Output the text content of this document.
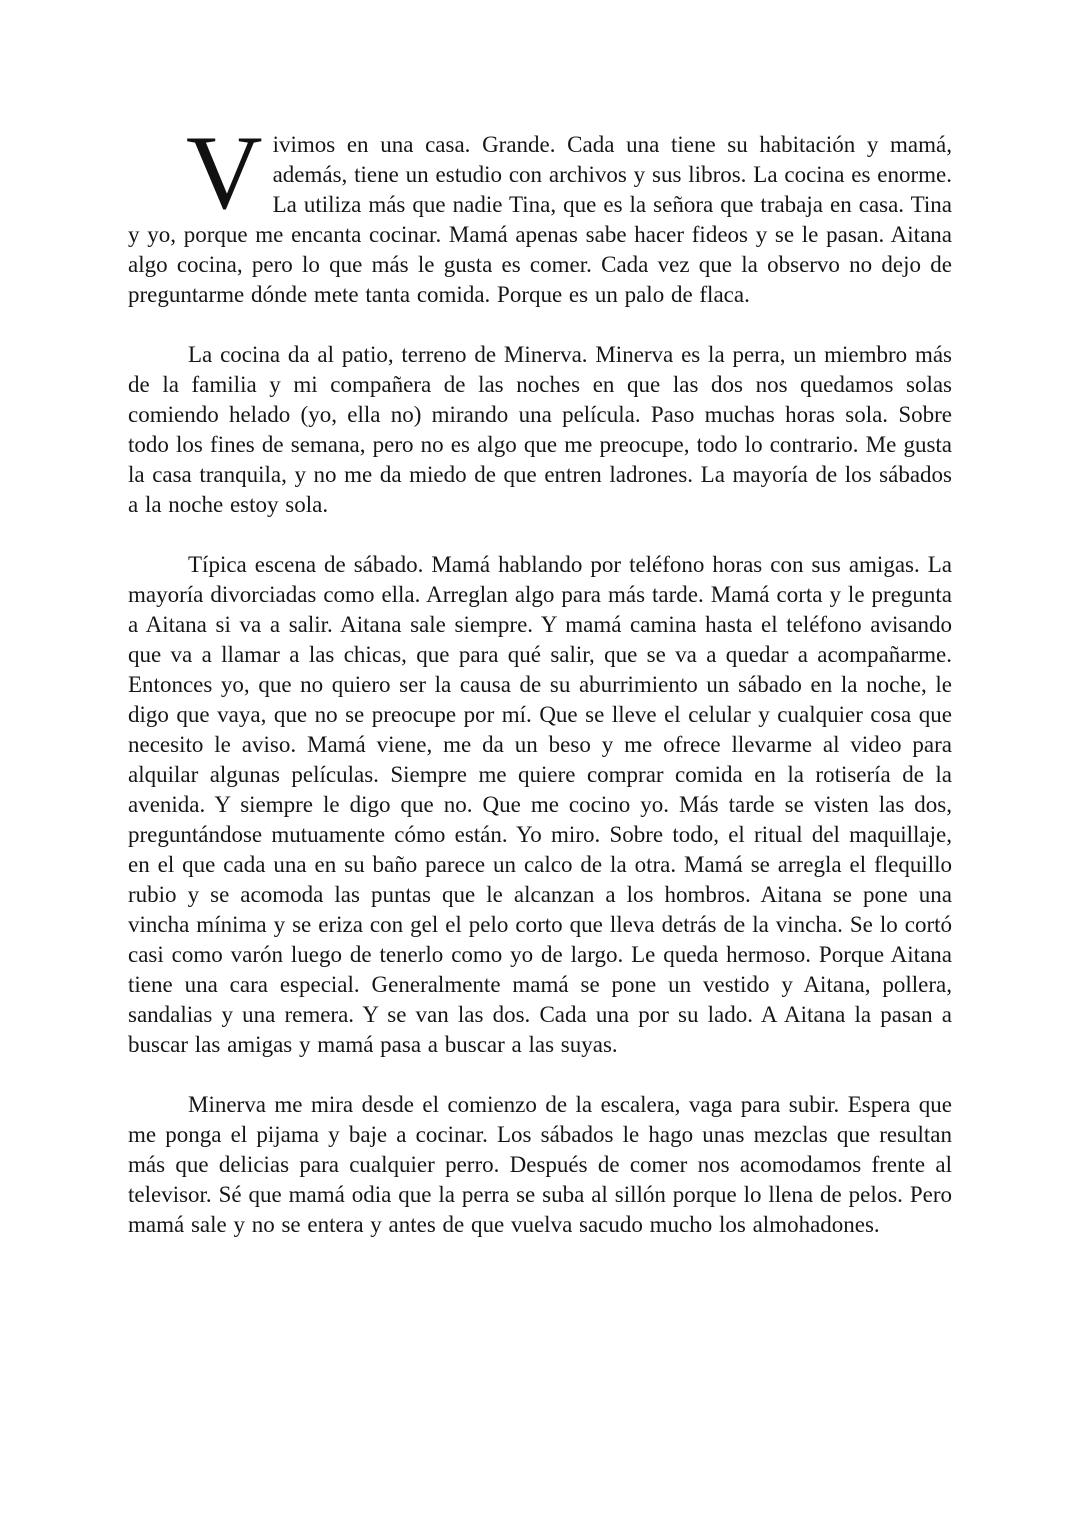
Vivimos en una casa. Grande. Cada una tiene su habitación y mamá, además, tiene un estudio con archivos y sus libros. La cocina es enorme. La utiliza más que nadie Tina, que es la señora que trabaja en casa. Tina y yo, porque me encanta cocinar. Mamá apenas sabe hacer fideos y se le pasan. Aitana algo cocina, pero lo que más le gusta es comer. Cada vez que la observo no dejo de preguntarme dónde mete tanta comida. Porque es un palo de flaca.

La cocina da al patio, terreno de Minerva. Minerva es la perra, un miembro más de la familia y mi compañera de las noches en que las dos nos quedamos solas comiendo helado (yo, ella no) mirando una película. Paso muchas horas sola. Sobre todo los fines de semana, pero no es algo que me preocupe, todo lo contrario. Me gusta la casa tranquila, y no me da miedo de que entren ladrones. La mayoría de los sábados a la noche estoy sola.

Típica escena de sábado. Mamá hablando por teléfono horas con sus amigas. La mayoría divorciadas como ella. Arreglan algo para más tarde. Mamá corta y le pregunta a Aitana si va a salir. Aitana sale siempre. Y mamá camina hasta el teléfono avisando que va a llamar a las chicas, que para qué salir, que se va a quedar a acompañarme. Entonces yo, que no quiero ser la causa de su aburrimiento un sábado en la noche, le digo que vaya, que no se preocupe por mí. Que se lleve el celular y cualquier cosa que necesito le aviso. Mamá viene, me da un beso y me ofrece llevarme al video para alquilar algunas películas. Siempre me quiere comprar comida en la rotisería de la avenida. Y siempre le digo que no. Que me cocino yo. Más tarde se visten las dos, preguntándose mutuamente cómo están. Yo miro. Sobre todo, el ritual del maquillaje, en el que cada una en su baño parece un calco de la otra. Mamá se arregla el flequillo rubio y se acomoda las puntas que le alcanzan a los hombros. Aitana se pone una vincha mínima y se eriza con gel el pelo corto que lleva detrás de la vincha. Se lo cortó casi como varón luego de tenerlo como yo de largo. Le queda hermoso. Porque Aitana tiene una cara especial. Generalmente mamá se pone un vestido y Aitana, pollera, sandalias y una remera. Y se van las dos. Cada una por su lado. A Aitana la pasan a buscar las amigas y mamá pasa a buscar a las suyas.

Minerva me mira desde el comienzo de la escalera, vaga para subir. Espera que me ponga el pijama y baje a cocinar. Los sábados le hago unas mezclas que resultan más que delicias para cualquier perro. Después de comer nos acomodamos frente al televisor. Sé que mamá odia que la perra se suba al sillón porque lo llena de pelos. Pero mamá sale y no se entera y antes de que vuelva sacudo mucho los almohadones.
